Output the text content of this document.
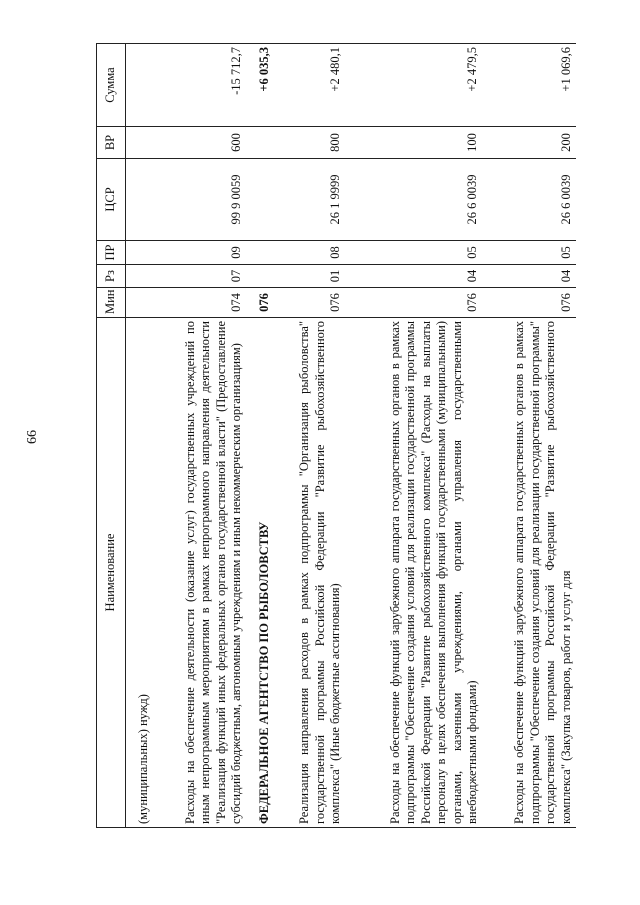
66
Наименование	Мин	Рз	ПР	ЦСР	ВР	Сумма
(муниципальных) нужд)						
Расходы на обеспечение деятельности (оказание услуг) государственных учреждений по иным непрограммным мероприятиям в рамках непрограммного направления деятельности "Реализация функций иных федеральных органов государственной власти" (Предоставление субсидий бюджетным, автономным учреждениям и иным некоммерческим организациям)	074	07	09	99 9 0059	600	-15 712,7
ФЕДЕРАЛЬНОЕ АГЕНТСТВО ПО РЫБОЛОВСТВУ	076					+6 035,3
Реализация направления расходов в рамках подпрограммы "Организация рыболовства" государственной программы Российской Федерации "Развитие рыбохозяйственного комплекса" (Иные бюджетные ассигнования)	076	01	08	26 1 9999	800	+2 480,1
Расходы на обеспечение функций зарубежного аппарата государственных органов в рамках подпрограммы "Обеспечение создания условий для реализации государственной программы Российской Федерации "Развитие рыбохозяйственного комплекса" (Расходы на выплаты персоналу в целях обеспечения выполнения функций государственными (муниципальными) органами, казенными учреждениями, органами управления государственными внебюджетными фондами)	076	04	05	26 6 0039	100	+2 479,5
Расходы на обеспечение функций зарубежного аппарата государственных органов в рамках подпрограммы "Обеспечение создания условий для реализации государственной программы" государственной программы Российской Федерации "Развитие рыбохозяйственного комплекса" (Закупка товаров, работ и услуг для	076	04	05	26 6 0039	200	+1 069,6
